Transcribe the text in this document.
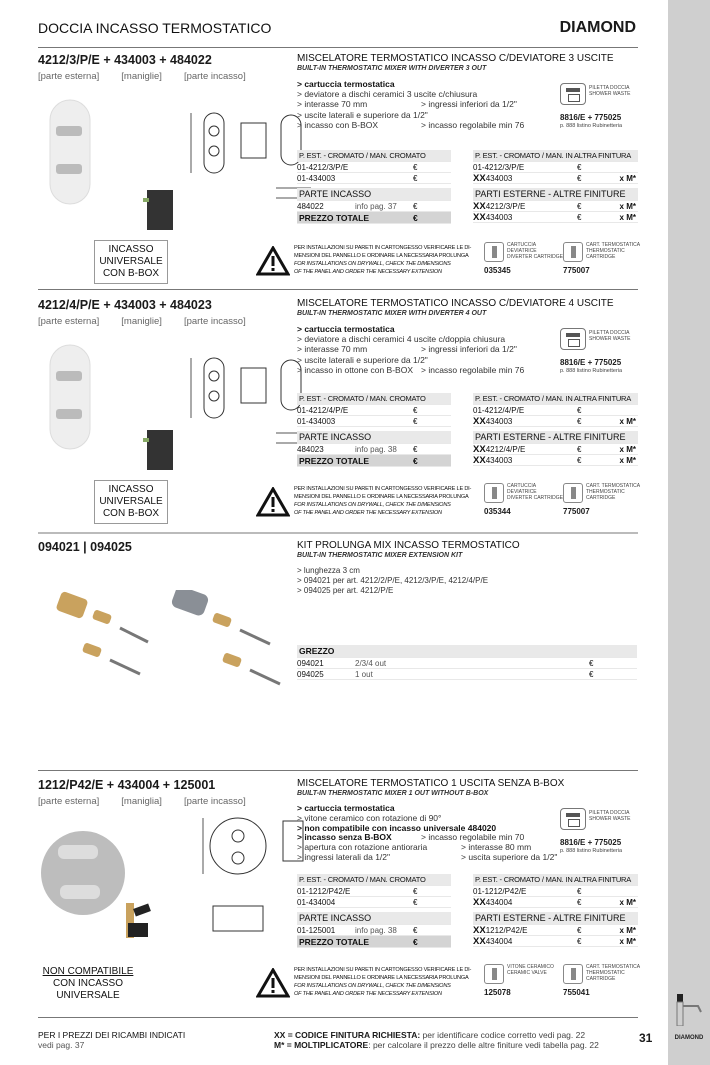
DIAMOND
DOCCIA INCASSO TERMOSTATICO	DIAMOND
4212/3/P/E + 434003 + 484022
[parte esterna] [maniglie] [parte incasso]
INCASSO
UNIVERSALE
CON B-BOX
MISCELATORE TERMOSTATICO INCASSO C/DEVIATORE 3 USCITE
BUILT-IN THERMOSTATIC MIXER WITH DIVERTER 3 OUT
> cartuccia termostatica
> deviatore a dischi ceramici 3 uscite c/chiusura
> interasse 70 mm	> ingressi inferiori da 1/2"
> uscite laterali e superiore da 1/2"
> incasso con B-BOX	> incasso regolabile min 76
PILETTA DOCCIA
SHOWER WASTE
8816/E + 775025
p. 888 listino Rubinetteria
P. EST. - CROMATO / MAN. CROMATO
01-4212/3/P/E	€
01-434003	€
PARTE INCASSO
484022	info pag. 37 €
PREZZO TOTALE	€
P. EST. - CROMATO / MAN. IN ALTRA FINITURA
01-4212/3/P/E	€
XX434003	€	x M*
PARTI ESTERNE - ALTRE FINITURE
XX4212/3/P/E	€	x M*
XX434003	€	x M*
PER INSTALLAZIONI SU PARETI IN CARTONGESSO VERIFICARE LE DI-
MENSIONI DEL PANNELLO E ORDINARE LA NECESSARIA PROLUNGA
FOR INSTALLATIONS ON DRYWALL, CHECK THE DIMENSIONS
OF THE PANEL AND ORDER THE NECESSARY EXTENSION
CARTUCCIA
DEVIATRICE
DIVERTER CARTRIDGE
035345
CART. TERMOSTATICA
THERMOSTATIC
CARTRIDGE
775007
4212/4/P/E + 434003 + 484023
[parte esterna] [maniglie] [parte incasso]
INCASSO
UNIVERSALE
CON B-BOX
MISCELATORE TERMOSTATICO INCASSO C/DEVIATORE 4 USCITE
BUILT-IN THERMOSTATIC MIXER WITH DIVERTER 4 OUT
> cartuccia termostatica
> deviatore a dischi ceramici 4 uscite c/doppia chiusura
> interasse 70 mm	> ingressi inferiori da 1/2"
> uscite laterali e superiore da 1/2"
> incasso in ottone con B-BOX > incasso regolabile min 76
PILETTA DOCCIA
SHOWER WASTE
8816/E + 775025
p. 888 listino Rubinetteria
P. EST. - CROMATO / MAN. CROMATO
01-4212/4/P/E	€
01-434003	€
PARTE INCASSO
484023	info pag. 38 €
PREZZO TOTALE	€
P. EST. - CROMATO / MAN. IN ALTRA FINITURA
01-4212/4/P/E	€
XX434003	€	x M*
PARTI ESTERNE - ALTRE FINITURE
XX4212/4/P/E	€	x M*
XX434003	€	x M*
PER INSTALLAZIONI SU PARETI IN CARTONGESSO VERIFICARE LE DI-
MENSIONI DEL PANNELLO E ORDINARE LA NECESSARIA PROLUNGA
FOR INSTALLATIONS ON DRYWALL, CHECK THE DIMENSIONS
OF THE PANEL AND ORDER THE NECESSARY EXTENSION
CARTUCCIA
DEVIATRICE
DIVERTER CARTRIDGE
035344
CART. TERMOSTATICA
THERMOSTATIC
CARTRIDGE
775007
094021 | 094025	KIT PROLUNGA MIX INCASSO TERMOSTATICO
BUILT-IN THERMOSTATIC MIXER EXTENSION KIT
> lunghezza 3 cm
> 094021 per art. 4212/2/P/E, 4212/3/P/E, 4212/4/P/E
> 094025 per art. 4212/P/E
GREZZO
094021	2/3/4 out	€
094025	1 out	€
1212/P42/E + 434004 + 125001
[parte esterna] [maniglia] [parte incasso]
NON COMPATIBILE
CON INCASSO
UNIVERSALE
MISCELATORE TERMOSTATICO 1 USCITA SENZA B-BOX
BUILT-IN THERMOSTATIC MIXER 1 OUT WITHOUT B-BOX
> cartuccia termostatica
> vitone ceramico con rotazione di 90°
> non compatibile con incasso universale 484020
> incasso senza B-BOX	> incasso regolabile min 70
> apertura con rotazione antioraria	> interasse 80 mm
> ingressi laterali da 1/2"	> uscita superiore da 1/2"
PILETTA DOCCIA
SHOWER WASTE
8816/E + 775025
p. 888 listino Rubinetteria
P. EST. - CROMATO / MAN. CROMATO
01-1212/P42/E	€
01-434004	€
PARTE INCASSO
01-125001 info pag. 38 €
PREZZO TOTALE	€
P. EST. - CROMATO / MAN. IN ALTRA FINITURA
01-1212/P42/E	€
XX434004	€	x M*
PARTI ESTERNE - ALTRE FINITURE
XX1212/P42/E	€	x M*
XX434004	€	x M*
PER INSTALLAZIONI SU PARETI IN CARTONGESSO VERIFICARE LE DI-
MENSIONI DEL PANNELLO E ORDINARE LA NECESSARIA PROLUNGA
FOR INSTALLATIONS ON DRYWALL, CHECK THE DIMENSIONS
OF THE PANEL AND ORDER THE NECESSARY EXTENSION
VITONE CERAMICO
CERAMIC VALVE
125078
CART. TERMOSTATICA
THERMOSTATIC
CARTRIDGE
755041
PER I PREZZI DEI RICAMBI INDICATI
vedi pag. 37
XX = CODICE FINITURA RICHIESTA: per identificare codice corretto vedi pag. 22
M* = MOLTIPLICATORE: per calcolare il prezzo delle altre finiture vedi tabella pag. 22	31
